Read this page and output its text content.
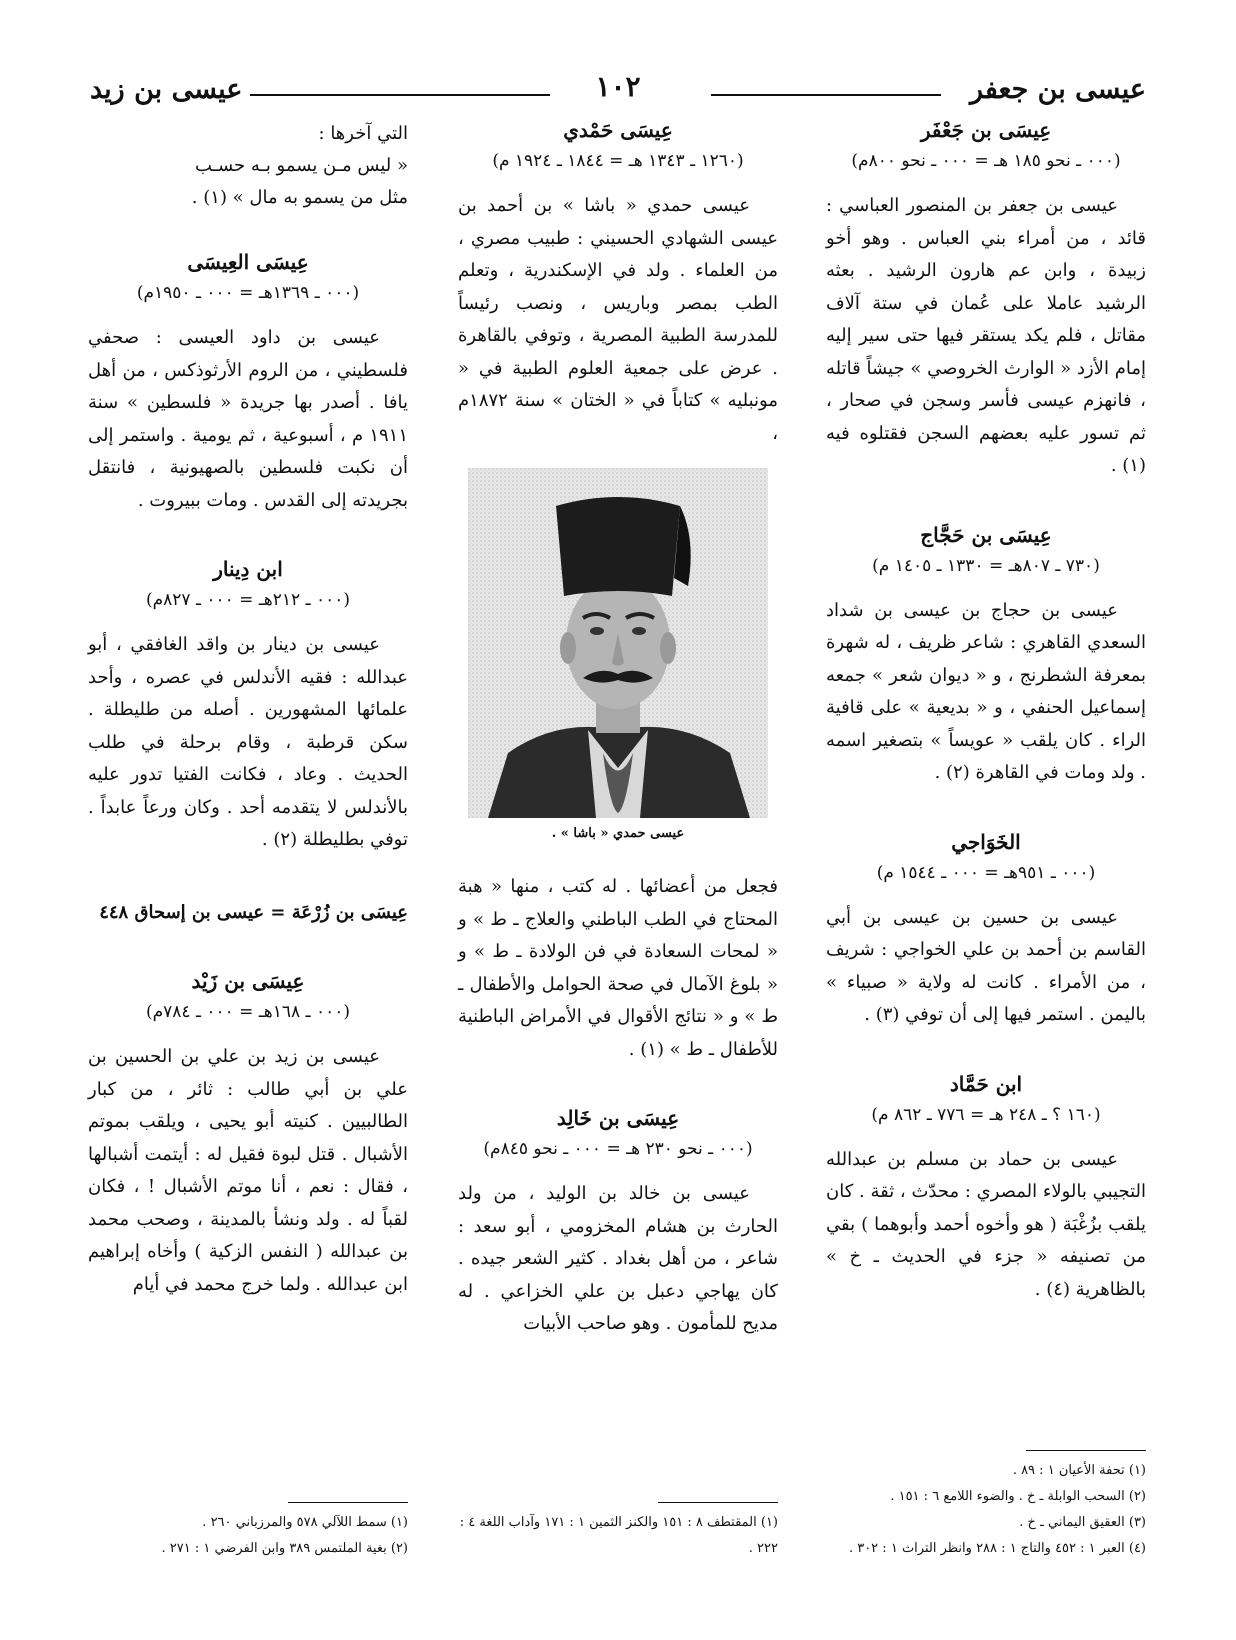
عيسى بن جعفر
١٠٢
عيسى بن زيد
عِيسَى بن جَعْفَر
(٠٠٠ ـ نحو ١٨٥ هـ = ٠٠٠ ـ نحو ٨٠٠م)

عيسى بن جعفر بن المنصور العباسي : قائد ، من أمراء بني العباس . وهو أخو زبيدة ، وابن عم هارون الرشيد . بعثه الرشيد عاملا على عُمان في ستة آلاف مقاتل ، فلم يكد يستقر فيها حتى سير إليه إمام الأزد « الوارث الخروصي » جيشاً قاتله ، فانهزم عيسى فأسر وسجن في صحار ، ثم تسور عليه بعضهم السجن فقتلوه فيه (١) .

عِيسَى بن حَجَّاج
(٧٣٠ ـ ٨٠٧هـ = ١٣٣٠ ـ ١٤٠٥ م)

عيسى بن حجاج بن عيسى بن شداد السعدي القاهري : شاعر ظريف ، له شهرة بمعرفة الشطرنج ، و « ديوان شعر » جمعه إسماعيل الحنفي ، و « بديعية » على قافية الراء . كان يلقب « عويساً » بتصغير اسمه . ولد ومات في القاهرة (٢) .

الخَوَاجي
(٠٠٠ ـ ٩٥١هـ = ٠٠٠ ـ ١٥٤٤ م)

عيسى بن حسين بن عيسى بن أبي القاسم بن أحمد بن علي الخواجي : شريف ، من الأمراء . كانت له ولاية « صبياء » باليمن . استمر فيها إلى أن توفي (٣) .

ابن حَمَّاد
(١٦٠ ؟ ـ ٢٤٨ هـ = ٧٧٦ ـ ٨٦٢ م)

عيسى بن حماد بن مسلم بن عبدالله التجيبي بالولاء المصري : محدّث ، ثقة . كان يلقب بزُغْبَة ( هو وأخوه أحمد وأبوهما ) بقي من تصنيفه « جزء في الحديث ـ خ » بالظاهرية (٤) .

(١) تحفة الأعيان ١ : ٨٩ .

(٢) السحب الوابلة ـ خ . والضوء اللامع ٦ : ١٥١ .

(٣) العقيق اليماني ـ خ .

(٤) العبر ١ : ٤٥٢ والتاج ١ : ٢٨٨ وانظر التراث ١ : ٣٠٢ .

عِيسَى حَمْدي
(١٢٦٠ ـ ١٣٤٣ هـ = ١٨٤٤ ـ ١٩٢٤ م)

عيسى حمدي « باشا » بن أحمد بن عيسى الشهادي الحسيني : طبيب مصري ، من العلماء . ولد في الإسكندرية ، وتعلم الطب بمصر وباريس ، ونصب رئيساً للمدرسة الطبية المصرية ، وتوفي بالقاهرة . عرض على جمعية العلوم الطبية في « مونبليه » كتاباً في « الختان » سنة ١٨٧٢م ،

عيسى حمدي « باشا » .

فجعل من أعضائها . له كتب ، منها « هبة المحتاج في الطب الباطني والعلاج ـ ط » و « لمحات السعادة في فن الولادة ـ ط » و « بلوغ الآمال في صحة الحوامل والأطفال ـ ط » و « نتائج الأقوال في الأمراض الباطنية للأطفال ـ ط » (١) .

عِيسَى بن خَالِد
(٠٠٠ ـ نحو ٢٣٠ هـ = ٠٠٠ ـ نحو ٨٤٥م)

عيسى بن خالد بن الوليد ، من ولد الحارث بن هشام المخزومي ، أبو سعد : شاعر ، من أهل بغداد . كثير الشعر جيده . كان يهاجي دعبل بن علي الخزاعي . له مديح للمأمون . وهو صاحب الأبيات

(١) المقتطف ٨ : ١٥١ والكنز الثمين ١ : ١٧١ وآداب اللغة ٤ : ٢٢٢ .

التي آخرها :
« ليس مـن يسمو بـه حسـب
مثل من يسمو به مال » (١) .
عِيسَى العِيسَى
(٠٠٠ ـ ١٣٦٩هـ = ٠٠٠ ـ ١٩٥٠م)

عيسى بن داود العيسى : صحفي فلسطيني ، من الروم الأرثوذكس ، من أهل يافا . أصدر بها جريدة « فلسطين » سنة ١٩١١ م ، أسبوعية ، ثم يومية . واستمر إلى أن نكبت فلسطين بالصهيونية ، فانتقل بجريدته إلى القدس . ومات ببيروت .

ابن دِينار
(٠٠٠ ـ ٢١٢هـ = ٠٠٠ ـ ٨٢٧م)

عيسى بن دينار بن واقد الغافقي ، أبو عبدالله : فقيه الأندلس في عصره ، وأحد علمائها المشهورين . أصله من طليطلة . سكن قرطبة ، وقام برحلة في طلب الحديث . وعاد ، فكانت الفتيا تدور عليه بالأندلس لا يتقدمه أحد . وكان ورعاً عابداً . توفي بطليطلة (٢) .

عِيسَى بن زُرْعَة = عيسى بن إسحاق ٤٤٨

عِيسَى بن زَيْد
(٠٠٠ ـ ١٦٨هـ = ٠٠٠ ـ ٧٨٤م)

عيسى بن زيد بن علي بن الحسين بن علي بن أبي طالب : ثائر ، من كبار الطالبيين . كنيته أبو يحيى ، ويلقب بموتم الأشبال . قتل لبوة فقيل له : أيتمت أشبالها ، فقال : نعم ، أنا موتم الأشبال ! ، فكان لقباً له . ولد ونشأ بالمدينة ، وصحب محمد بن عبدالله ( النفس الزكية ) وأخاه إبراهيم ابن عبدالله . ولما خرج محمد في أيام

(١) سمط اللآلي ٥٧٨ والمرزباني ٢٦٠ .

(٢) بغية الملتمس ٣٨٩ وابن الفرضي ١ : ٢٧١ .
